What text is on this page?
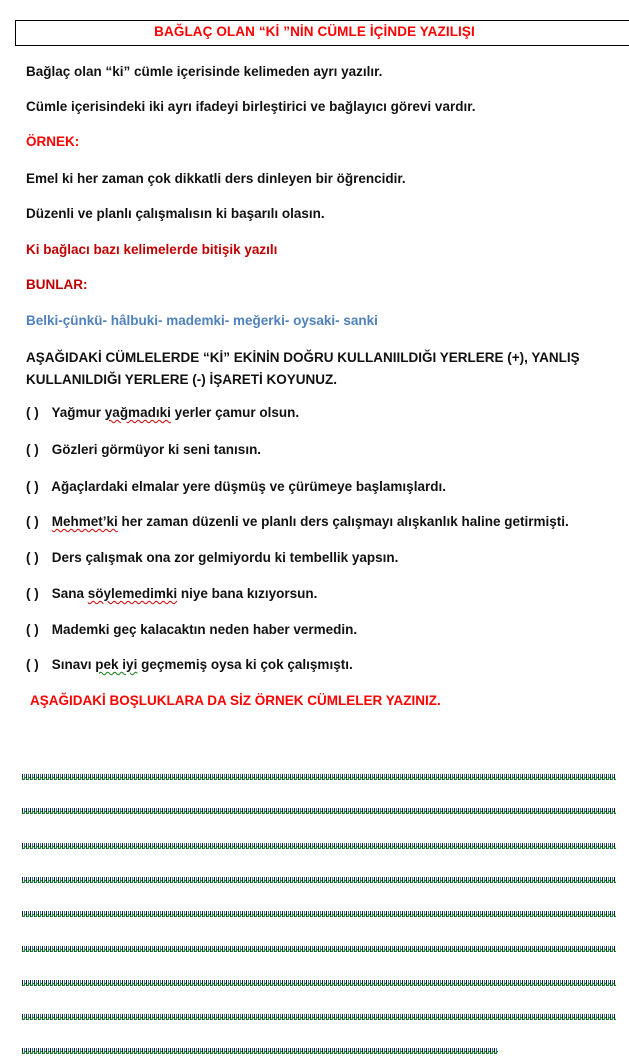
BAĞLAÇ OLAN “Kİ ”NİN CÜMLE İÇİNDE YAZILIŞI
Bağlaç olan “ki” cümle içerisinde kelimeden ayrı yazılır.
Cümle içerisindeki iki ayrı ifadeyi birleştirici ve bağlayıcı görevi vardır.
ÖRNEK:
Emel ki her zaman çok dikkatli ders dinleyen bir öğrencidir.
Düzenli ve planlı çalışmalısın ki başarılı olasın.
Ki bağlacı bazı kelimelerde bitişik yazılı
BUNLAR:
Belki-çünkü- hâlbuki- mademki- meğerki- oysaki- sanki
AŞAĞIDAKİ CÜMLELERDE “Kİ” EKİNİN DOĞRU KULLANIILDIĞI YERLERE (+), YANLIŞ KULLANILDIĞI YERLERE (-) İŞARETİ KOYUNUZ.
( ) Yağmur yağmadıki yerler çamur olsun.
( ) Gözleri görmüyor ki seni tanısın.
( ) Ağaçlardaki elmalar yere düşmüş ve çürümeye başlamışlardı.
( ) Mehmet’ki her zaman düzenli ve planlı ders çalışmayı alışkanlık haline getirmişti.
( ) Ders çalışmak ona zor gelmiyordu ki tembellik yapsın.
( ) Sana söylemedimki niye bana kızıyorsun.
( ) Mademki geç kalacaktın neden haber vermedin.
( ) Sınavı pek iyi geçmemiş oysa ki çok çalışmıştı.
AŞAĞIDAKİ BOŞLUKLARA DA SİZ ÖRNEK CÜMLELER YAZINIZ.
